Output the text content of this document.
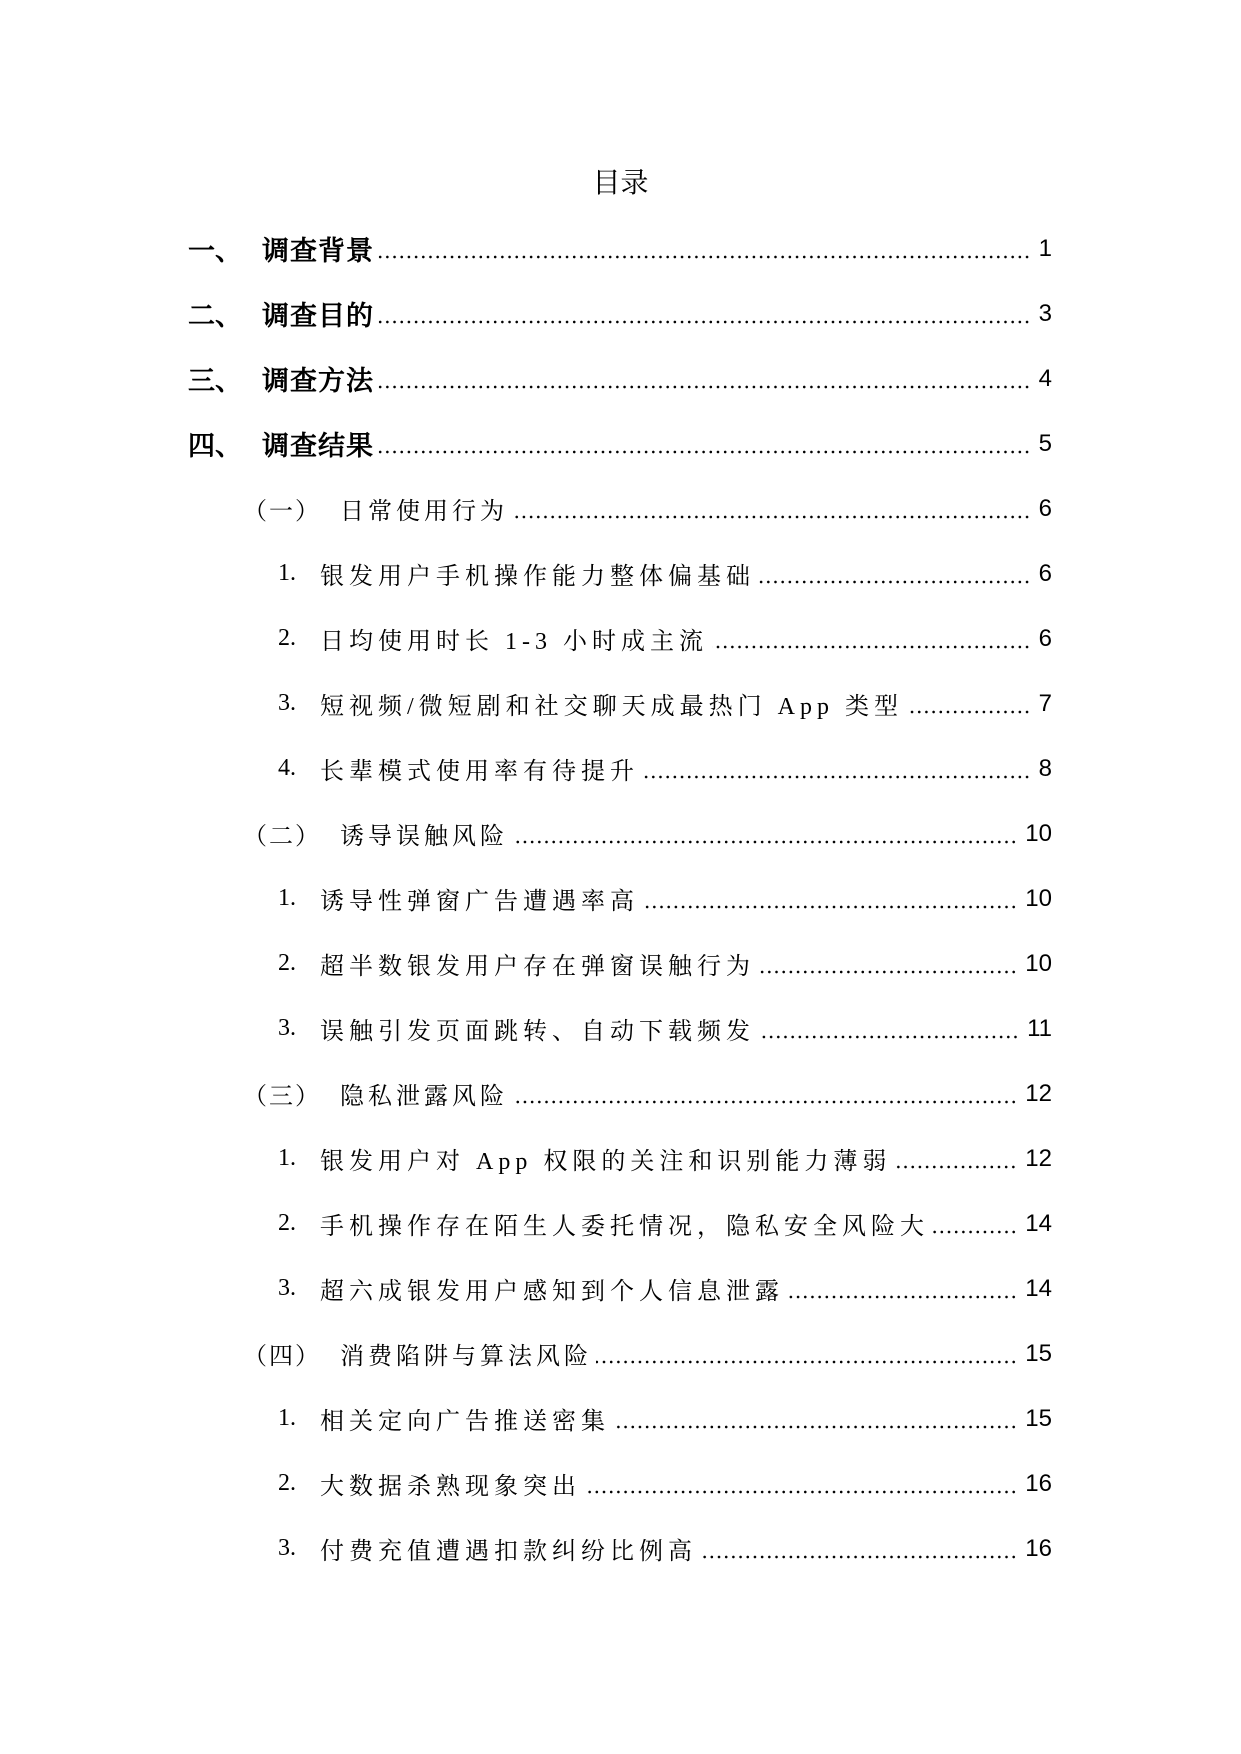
目录
一、 调查背景	1
二、 调查目的	3
三、 调查方法	4
四、 调查结果	5
（一） 日常使用行为	6
1.	银发用户手机操作能力整体偏基础	6
2.	日均使用时长 1-3 小时成主流	6
3.	短视频/微短剧和社交聊天成最热门 App 类型	7
4.	长辈模式使用率有待提升	8
（二） 诱导误触风险	10
1.	诱导性弹窗广告遭遇率高	10
2.	超半数银发用户存在弹窗误触行为	10
3.	误触引发页面跳转、自动下载频发	11
（三） 隐私泄露风险	12
1.	银发用户对 App 权限的关注和识别能力薄弱	12
2.	手机操作存在陌生人委托情况，隐私安全风险大	14
3.	超六成银发用户感知到个人信息泄露	14
（四） 消费陷阱与算法风险	15
1.	相关定向广告推送密集	15
2.	大数据杀熟现象突出	16
3.	付费充值遭遇扣款纠纷比例高	16
